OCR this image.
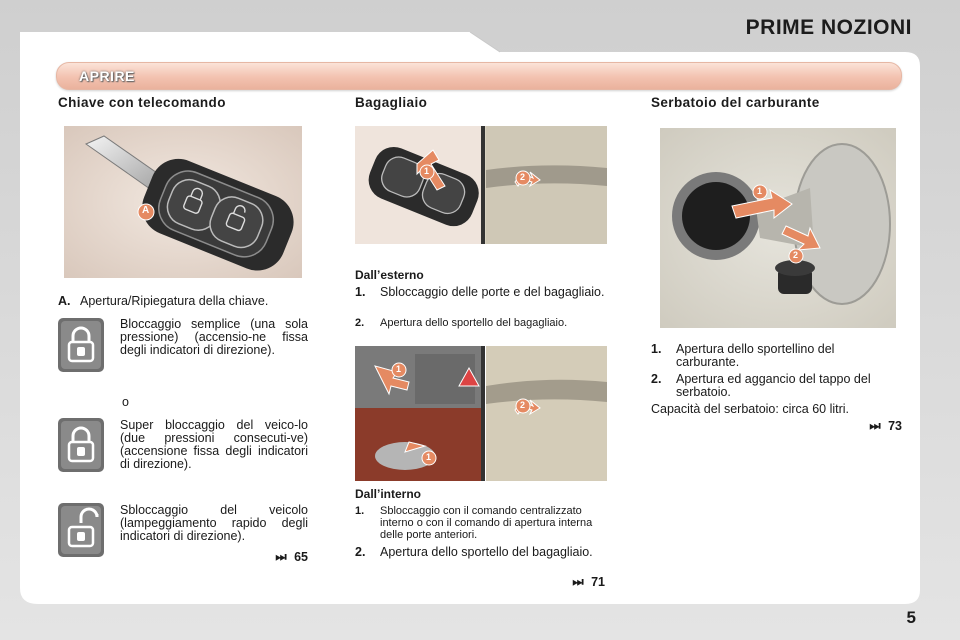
PRIME NOZIONI
APRIRE
Chiave con telecomando
A
A. Apertura/Ripiegatura della chiave.
Bloccaggio semplice (una sola pressione) (accensio-ne fissa degli indicatori di direzione).
o
Super bloccaggio del veico-lo (due pressioni consecuti-ve) (accensione fissa degli indicatori di direzione).
Sbloccaggio del veicolo (lampeggiamento rapido degli indicatori di direzione).
⏭ 65
Bagagliaio
1
2
Dall’esterno
1. Sbloccaggio delle porte e del bagagliaio.
2. Apertura dello sportello del bagagliaio.
1
2
1
Dall’interno
1. Sbloccaggio con il comando centralizzato interno o con il comando di apertura interna delle porte anteriori.
2. Apertura dello sportello del bagagliaio.
⏭ 71
Serbatoio del carburante
1
2
1. Apertura dello sportellino del carburante.
2. Apertura ed aggancio del tappo del serbatoio.
Capacità del serbatoio: circa 60 litri.
⏭ 73
5
